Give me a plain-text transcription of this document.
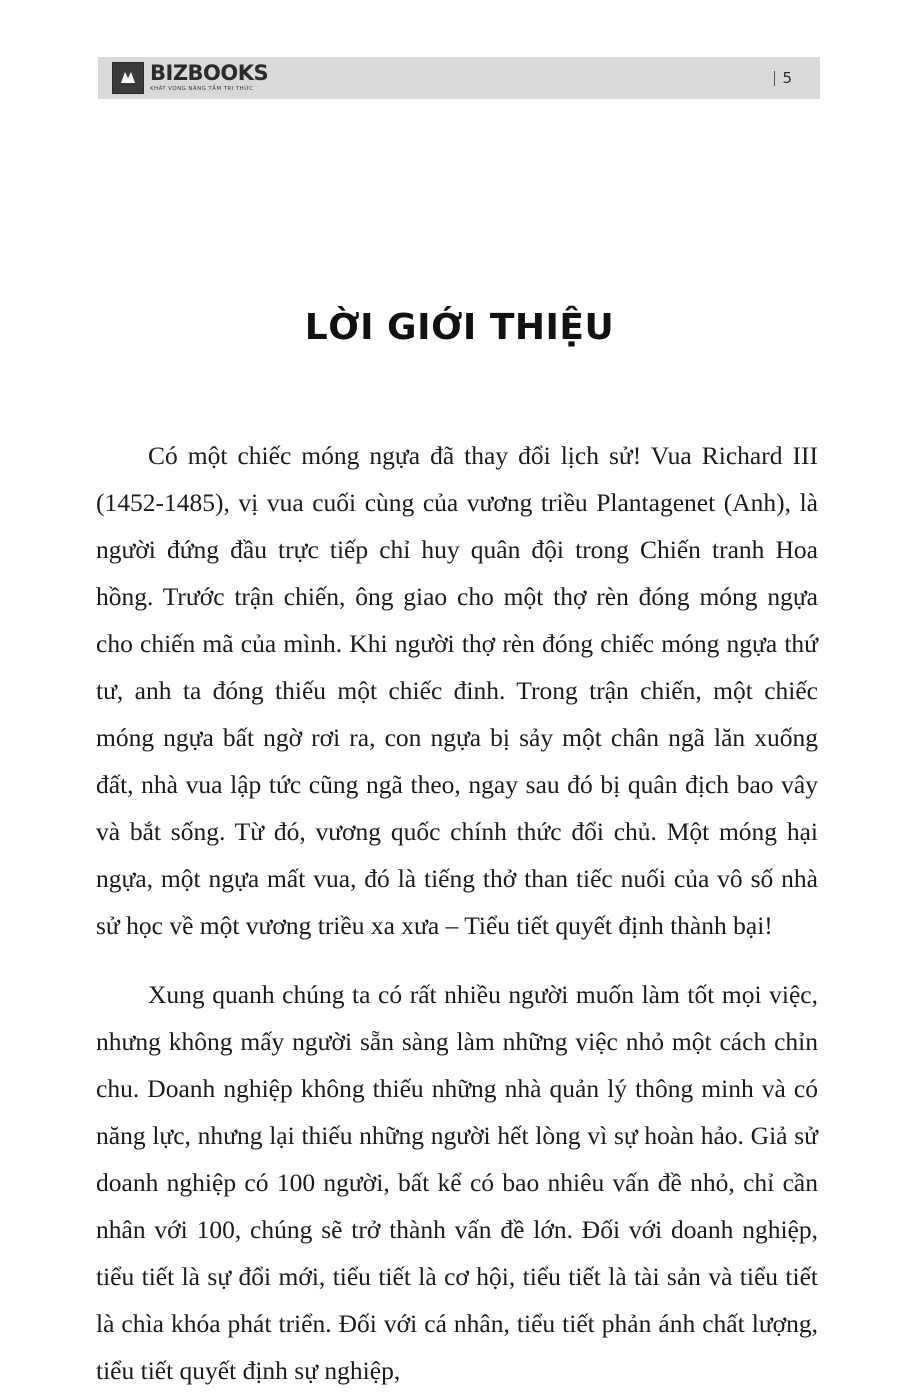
BIZBOOKS
KHÁT VỌNG NÂNG TẦM TRI THỨC
5
LỜI GIỚI THIỆU

Có một chiếc móng ngựa đã thay đổi lịch sử! Vua Richard III (1452-1485), vị vua cuối cùng của vương triều Plantagenet (Anh), là người đứng đầu trực tiếp chỉ huy quân đội trong Chiến tranh Hoa hồng. Trước trận chiến, ông giao cho một thợ rèn đóng móng ngựa cho chiến mã của mình. Khi người thợ rèn đóng chiếc móng ngựa thứ tư, anh ta đóng thiếu một chiếc đinh. Trong trận chiến, một chiếc móng ngựa bất ngờ rơi ra, con ngựa bị sảy một chân ngã lăn xuống đất, nhà vua lập tức cũng ngã theo, ngay sau đó bị quân địch bao vây và bắt sống. Từ đó, vương quốc chính thức đổi chủ. Một móng hại ngựa, một ngựa mất vua, đó là tiếng thở than tiếc nuối của vô số nhà sử học về một vương triều xa xưa – Tiểu tiết quyết định thành bại!

Xung quanh chúng ta có rất nhiều người muốn làm tốt mọi việc, nhưng không mấy người sẵn sàng làm những việc nhỏ một cách chỉn chu. Doanh nghiệp không thiếu những nhà quản lý thông minh và có năng lực, nhưng lại thiếu những người hết lòng vì sự hoàn hảo. Giả sử doanh nghiệp có 100 người, bất kể có bao nhiêu vấn đề nhỏ, chỉ cần nhân với 100, chúng sẽ trở thành vấn đề lớn. Đối với doanh nghiệp, tiểu tiết là sự đổi mới, tiểu tiết là cơ hội, tiểu tiết là tài sản và tiểu tiết là chìa khóa phát triển. Đối với cá nhân, tiểu tiết phản ánh chất lượng, tiểu tiết quyết định sự nghiệp,
